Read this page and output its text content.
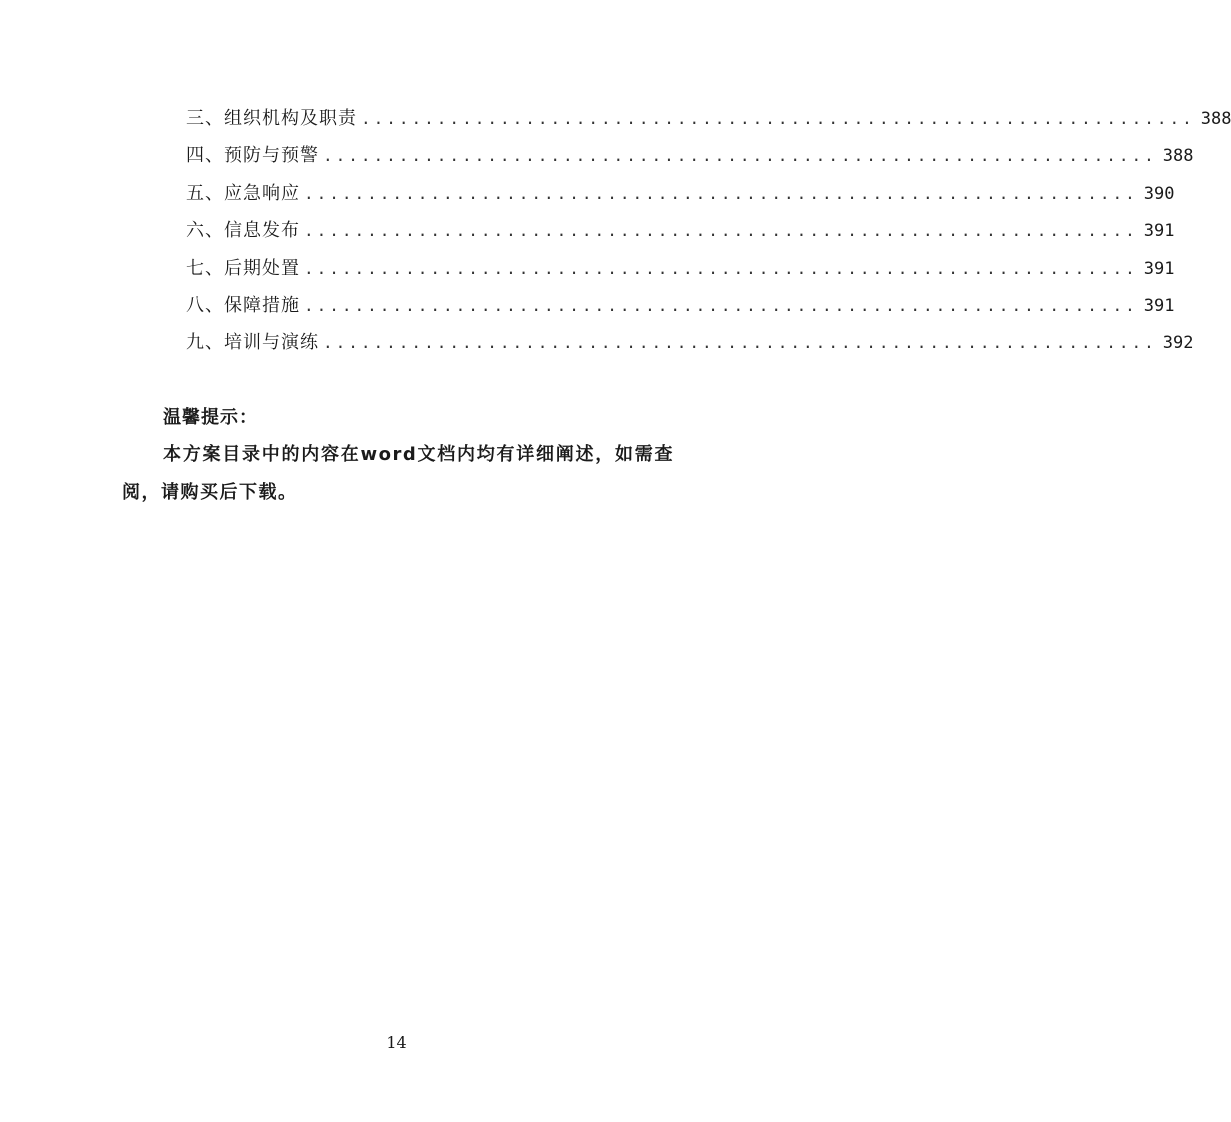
三、组织机构及职责 .................................................................. 388
四、预防与预警 .................................................................. 388
五、应急响应 .................................................................. 390
六、信息发布 .................................................................. 391
七、后期处置 .................................................................. 391
八、保障措施 .................................................................. 391
九、培训与演练 .................................................................. 392
温馨提示：
本方案目录中的内容在word文档内均有详细阐述，如需查阅，请购买后下载。
14
